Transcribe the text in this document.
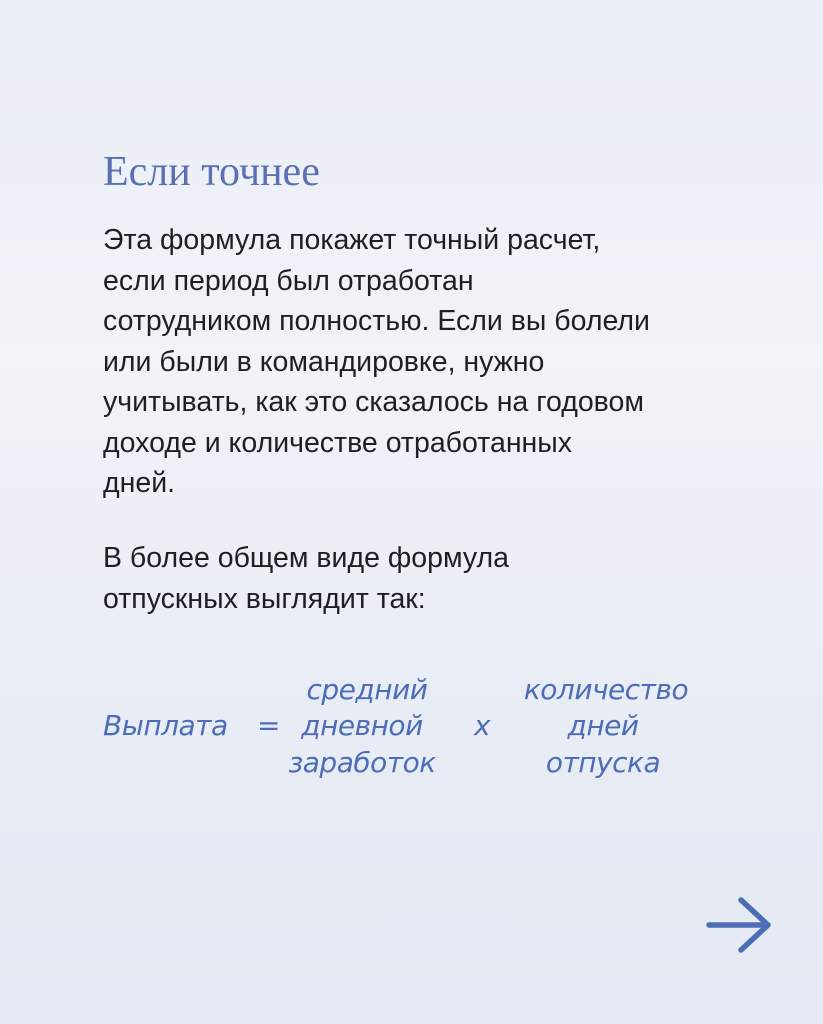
Если точнее

Эта формула покажет точный расчет,
если период был отработан
сотрудником полностью. Если вы болели
или были в командировке, нужно
учитывать, как это сказалось на годовом
доходе и количестве отработанных
дней.

В более общем виде формула
отпускных выглядит так:

Выплата =
средний
дневной
заработок
х
количество
дней
отпуска
